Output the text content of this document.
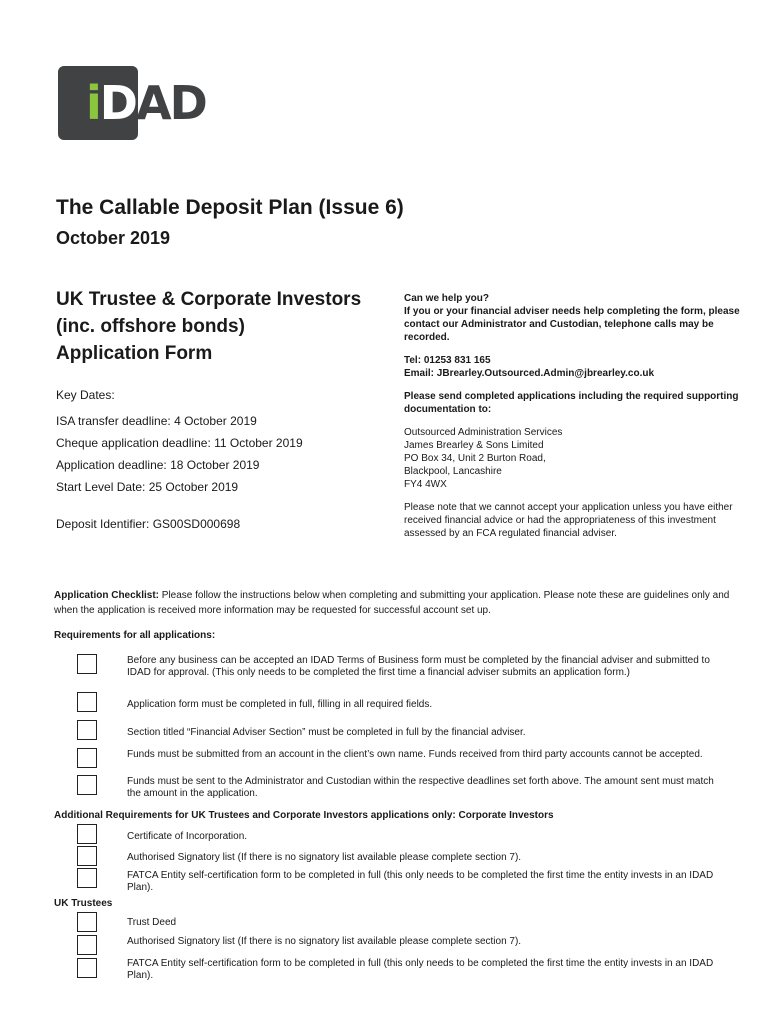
iDAD
The Callable Deposit Plan (Issue 6)
October 2019
UK Trustee & Corporate Investors
(inc. offshore bonds)
Application Form
Key Dates:
ISA transfer deadline: 4 October 2019
Cheque application deadline: 11 October 2019
Application deadline: 18 October 2019
Start Level Date: 25 October 2019
Deposit Identifier: GS00SD000698
Can we help you?
If you or your financial adviser needs help completing the form, please contact our Administrator and Custodian, telephone calls may be recorded.
Tel: 01253 831 165
Email: JBrearley.Outsourced.Admin@jbrearley.co.uk
Please send completed applications including the required supporting documentation to:
Outsourced Administration Services
James Brearley & Sons Limited
PO Box 34, Unit 2 Burton Road,
Blackpool, Lancashire
FY4 4WX
Please note that we cannot accept your application unless you have either received financial advice or had the appropriateness of this investment assessed by an FCA regulated financial adviser.
Application Checklist: Please follow the instructions below when completing and submitting your application. Please note these are guidelines only and when the application is received more information may be requested for successful account set up.
Requirements for all applications:
Before any business can be accepted an IDAD Terms of Business form must be completed by the financial adviser and submitted to IDAD for approval. (This only needs to be completed the first time a financial adviser submits an application form.)
Application form must be completed in full, filling in all required fields.
Section titled “Financial Adviser Section” must be completed in full by the financial adviser.
Funds must be submitted from an account in the client’s own name. Funds received from third party accounts cannot be accepted.
Funds must be sent to the Administrator and Custodian within the respective deadlines set forth above. The amount sent must match the amount in the application.
Additional Requirements for UK Trustees and Corporate Investors applications only: Corporate Investors
Certificate of Incorporation.
Authorised Signatory list (If there is no signatory list available please complete section 7).
FATCA Entity self-certification form to be completed in full (this only needs to be completed the first time the entity invests in an IDAD Plan).
UK Trustees
Trust Deed
Authorised Signatory list (If there is no signatory list available please complete section 7).
FATCA Entity self-certification form to be completed in full (this only needs to be completed the first time the entity invests in an IDAD Plan).
